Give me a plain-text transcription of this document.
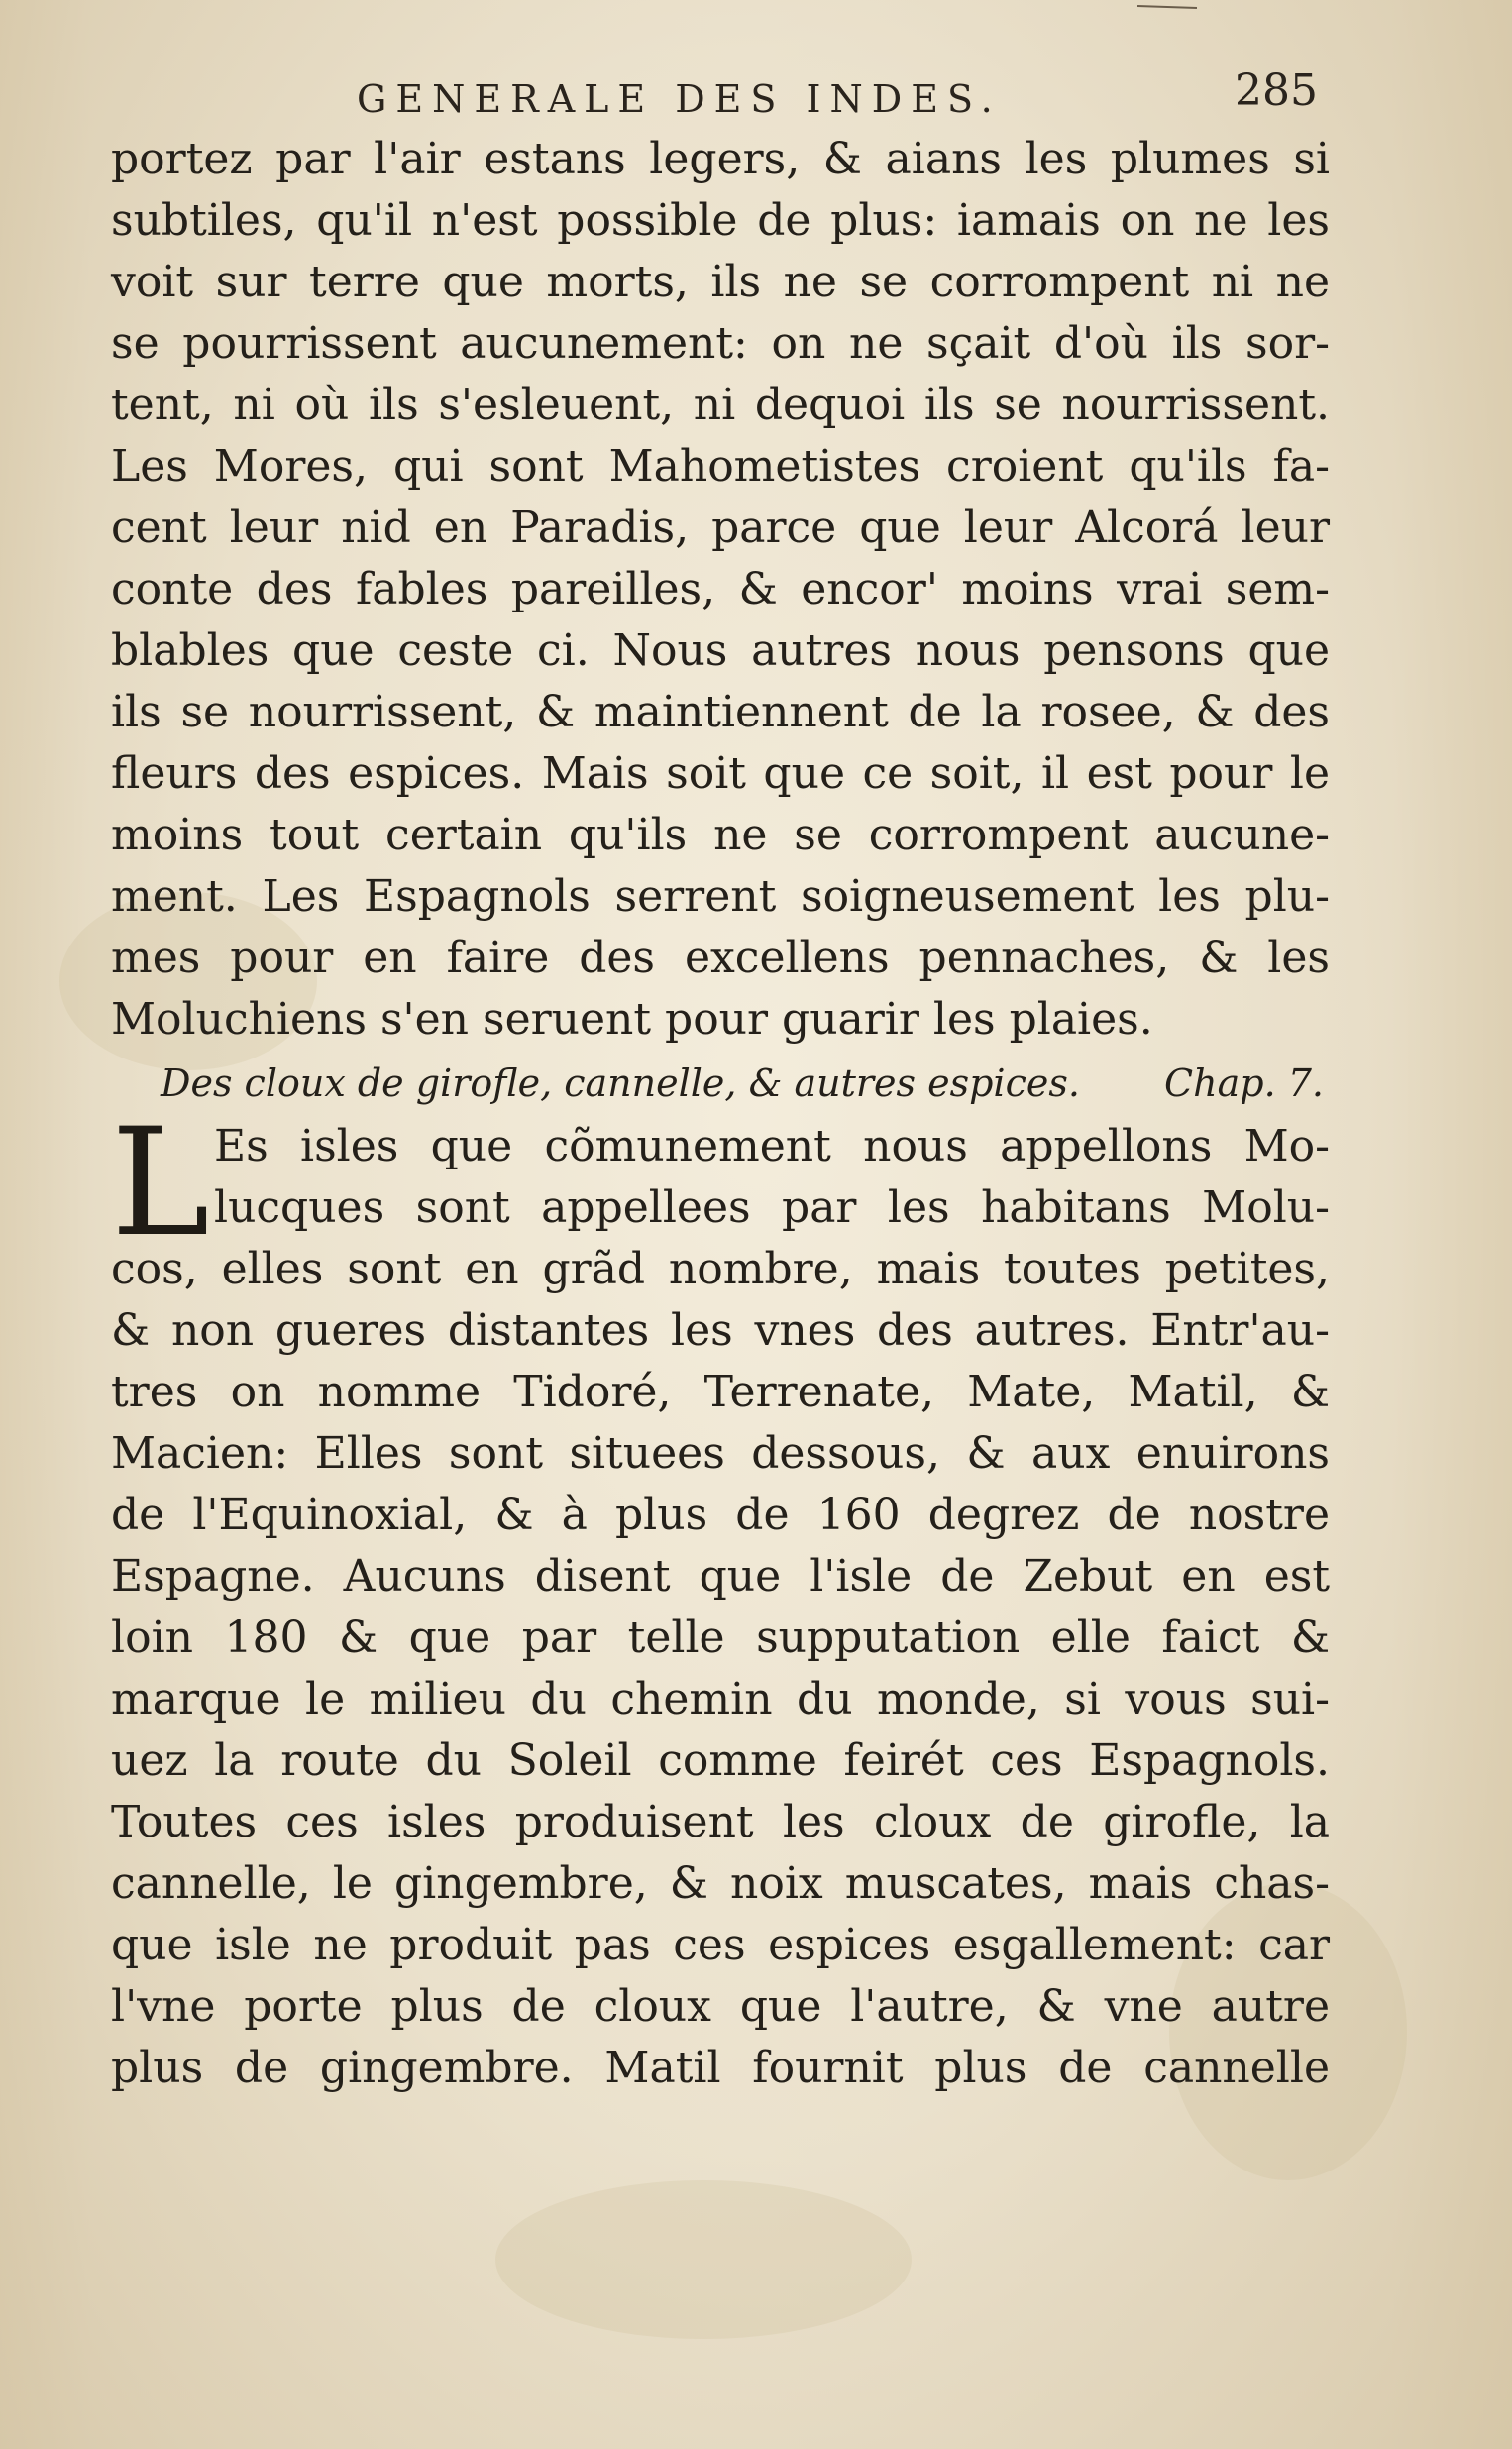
GENERALE DES INDES.	285
portez par l'air estans legers, & aians les plumes si
subtiles, qu'il n'est possible de plus: iamais on ne les
voit sur terre que morts, ils ne se corrompent ni ne
se pourrissent aucunement: on ne sçait d'où ils sor-
tent, ni où ils s'esleuent, ni dequoi ils se nourrissent.
Les Mores, qui sont Mahometistes croient qu'ils fa-
cent leur nid en Paradis, parce que leur Alcorá leur
conte des fables pareilles, & encor' moins vrai sem-
blables que ceste ci. Nous autres nous pensons que
ils se nourrissent, & maintiennent de la rosee, & des
fleurs des espices. Mais soit que ce soit, il est pour le
moins tout certain qu'ils ne se corrompent aucune-
ment. Les Espagnols serrent soigneusement les plu-
mes pour en faire des excellens pennaches, & les
Moluchiens s'en seruent pour guarir les plaies.
Des cloux de girofle, cannelle, & autres espices. Chap. 7.
L Es isles que cõmunement nous appellons Mo-
lucques sont appellees par les habitans Molu-
cos, elles sont en grãd nombre, mais toutes petites,
& non gueres distantes les vnes des autres. Entr'au-
tres on nomme Tidoré, Terrenate, Mate, Matil, &
Macien: Elles sont situees dessous, & aux enuirons
de l'Equinoxial, & à plus de 160 degrez de nostre
Espagne. Aucuns disent que l'isle de Zebut en est
loin 180 & que par telle supputation elle faict &
marque le milieu du chemin du monde, si vous sui-
uez la route du Soleil comme feirét ces Espagnols.
Toutes ces isles produisent les cloux de girofle, la
cannelle, le gingembre, & noix muscates, mais chas-
que isle ne produit pas ces espices esgallement: car
l'vne porte plus de cloux que l'autre, & vne autre
plus de gingembre. Matil fournit plus de cannelle
